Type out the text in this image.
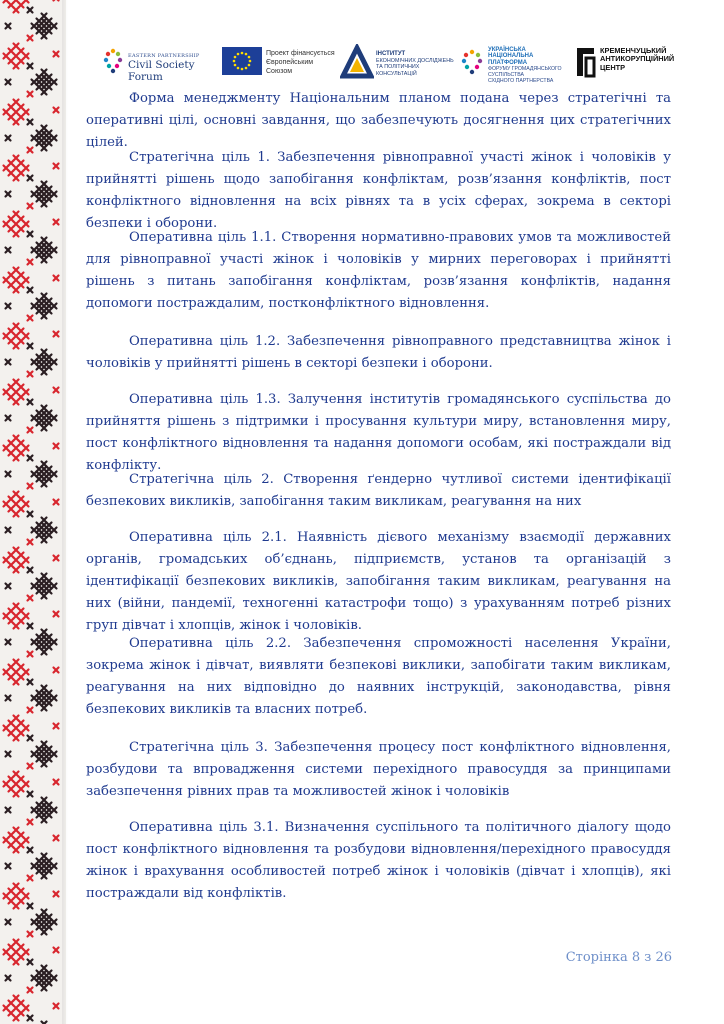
EASTERN PARTNERSHIP
Civil Society Forum
Проект фінансується
Європейським Союзом
ІНСТИТУТ
ЕКОНОМІЧНИХ ДОСЛІДЖЕНЬ
ТА ПОЛІТИЧНИХ КОНСУЛЬТАЦІЙ
УКРАЇНСЬКА
НАЦІОНАЛЬНА ПЛАТФОРМА
ФОРУМУ ГРОМАДЯНСЬКОГО СУСПІЛЬСТВА
СХІДНОГО ПАРТНЕРСТВА
КРЕМЕНЧУЦЬКИЙ
АНТИКОРУПЦІЙНИЙ
ЦЕНТР

Форма менеджменту Національним планом подана через стратегічні та оперативні цілі, основні завдання, що забезпечують досягнення цих стратегічних цілей.

Стратегічна ціль 1. Забезпечення рівноправної участі жінок і чоловіків у прийнятті рішень щодо запобігання конфліктам, розв’язання конфліктів, пост конфліктного відновлення на всіх рівнях та в усіх сферах, зокрема в секторі безпеки і оборони.

Оперативна ціль 1.1. Створення нормативно-правових умов та можливостей для рівноправної участі жінок і чоловіків у мирних переговорах і прийнятті рішень з питань запобігання конфліктам, розв’язання конфліктів, надання допомоги постраждалим, постконфліктного відновлення.

Оперативна ціль 1.2. Забезпечення рівноправного представництва жінок і чоловіків у прийнятті рішень в секторі безпеки і оборони.

Оперативна ціль 1.3. Залучення інститутів громадянського суспільства до прийняття рішень з підтримки і просування культури миру, встановлення миру, пост конфліктного відновлення та надання допомоги особам, які постраждали від конфлікту.

Стратегічна ціль 2. Створення ґендерно чутливої системи ідентифікації безпекових викликів, запобігання таким викликам, реагування на них

Оперативна ціль 2.1. Наявність дієвого механізму взаємодії державних органів, громадських об’єднань, підприємств, установ та організацій з ідентифікації безпекових викликів, запобігання таким викликам, реагування на них (війни, пандемії, техногенні катастрофи тощо) з урахуванням потреб різних груп дівчат і хлопців, жінок і чоловіків.

Оперативна ціль 2.2. Забезпечення спроможності населення України, зокрема жінок і дівчат, виявляти безпекові виклики, запобігати таким викликам, реагування на них відповідно до наявних інструкцій, законодавства, рівня безпекових викликів та власних потреб.

Стратегічна ціль 3. Забезпечення процесу пост конфліктного відновлення, розбудови та впровадження системи перехідного правосуддя за принципами забезпечення рівних прав та можливостей жінок і чоловіків

Оперативна ціль 3.1. Визначення суспільного та політичного діалогу щодо пост конфліктного відновлення та розбудови відновлення/перехідного правосуддя жінок і врахування особливостей потреб жінок і чоловіків (дівчат і хлопців), які постраждали від конфліктів.

Сторінка 8 з 26
